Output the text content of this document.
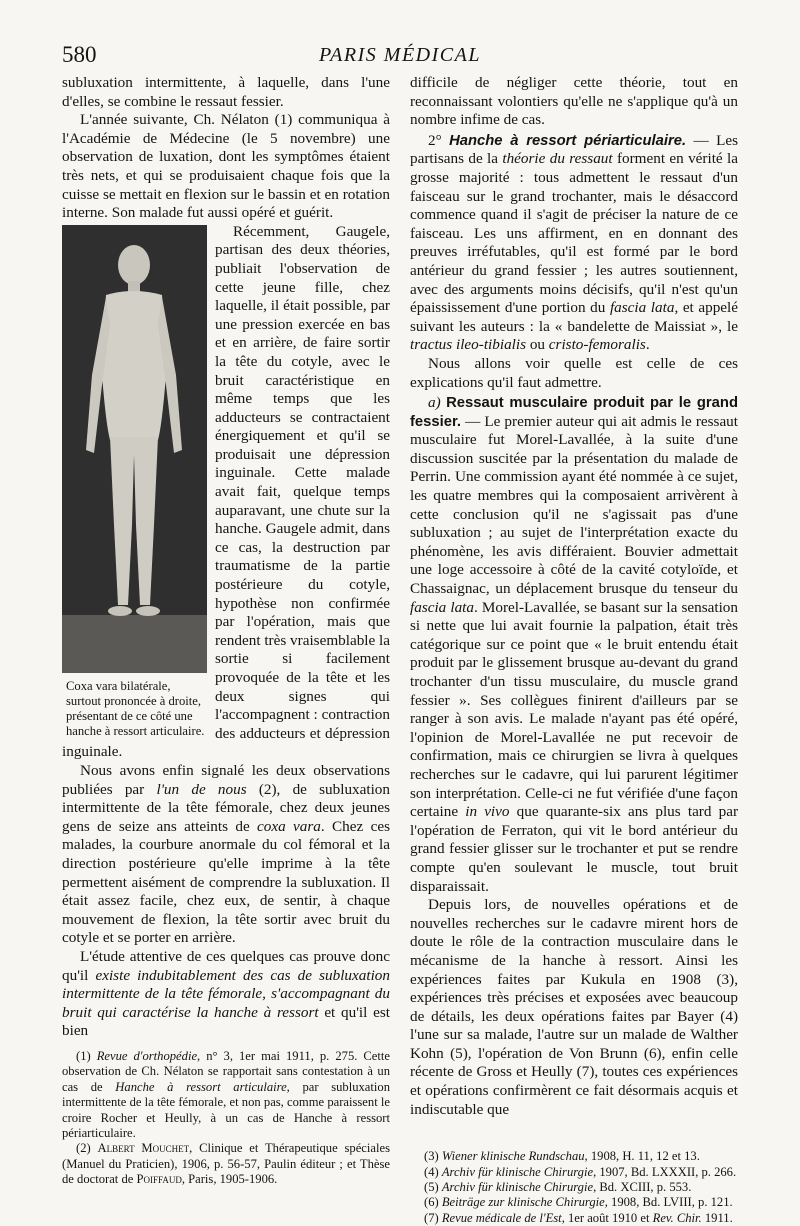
580	PARIS MÉDICAL

subluxation intermittente, à laquelle, dans l'une d'elles, se combine le ressaut fessier.

L'année suivante, Ch. Nélaton (1) communiqua à l'Académie de Médecine (le 5 novembre) une observation de luxation, dont les symptômes étaient très nets, et qui se produisaient chaque fois que la cuisse se mettait en flexion sur le bassin et en rotation interne. Son malade fut aussi opéré et guérit.

Coxa vara bilatérale, surtout prononcée à droite, présentant de ce côté une hanche à ressort articulaire.

Récemment, Gaugele, partisan des deux théories, publiait l'observation de cette jeune fille, chez laquelle, il était possible, par une pression exercée en bas et en arrière, de faire sortir la tête du cotyle, avec le bruit caractéristique en même temps que les adducteurs se contractaient énergiquement et qu'il se produisait une dépression inguinale. Cette malade avait fait, quelque temps auparavant, une chute sur la hanche. Gaugele admit, dans ce cas, la destruction par traumatisme de la partie postérieure du cotyle, hypothèse non confirmée par l'opération, mais que rendent très vraisemblable la sortie si facilement provoquée de la tête et les deux signes qui l'accompagnent : contraction des adducteurs et dépression inguinale.

Nous avons enfin signalé les deux observations publiées par l'un de nous (2), de subluxation intermittente de la tête fémorale, chez deux jeunes gens de seize ans atteints de coxa vara. Chez ces malades, la courbure anormale du col fémoral et la direction postérieure qu'elle imprime à la tête permettent aisément de comprendre la subluxation. Il était assez facile, chez eux, de sentir, à chaque mouvement de flexion, la tête sortir avec bruit du cotyle et se porter en arrière.

L'étude attentive de ces quelques cas prouve donc qu'il existe indubitablement des cas de subluxation intermittente de la tête fémorale, s'accompagnant du bruit qui caractérise la hanche à ressort et qu'il est bien

(1) Revue d'orthopédie, n° 3, 1er mai 1911, p. 275. Cette observation de Ch. Nélaton se rapportait sans contestation à un cas de Hanche à ressort articulaire, par subluxation intermittente de la tête fémorale, et non pas, comme paraissent le croire Rocher et Heully, à un cas de Hanche à ressort périarticulaire.

(2) Albert Mouchet, Clinique et Thérapeutique spéciales (Manuel du Praticien), 1906, p. 56-57, Paulin éditeur ; et Thèse de doctorat de Poiffaud, Paris, 1905-1906.

difficile de négliger cette théorie, tout en reconnaissant volontiers qu'elle ne s'applique qu'à un nombre infime de cas.

2° Hanche à ressort périarticulaire. — Les partisans de la théorie du ressaut forment en vérité la grosse majorité : tous admettent le ressaut d'un faisceau sur le grand trochanter, mais le désaccord commence quand il s'agit de préciser la nature de ce faisceau. Les uns affirment, en en donnant des preuves irréfutables, qu'il est formé par le bord antérieur du grand fessier ; les autres soutiennent, avec des arguments moins décisifs, qu'il n'est qu'un épaississement d'une portion du fascia lata, et appelé suivant les auteurs : la « bandelette de Maissiat », le tractus ileo-tibialis ou cristo-femoralis.

Nous allons voir quelle est celle de ces explications qu'il faut admettre.

a) Ressaut musculaire produit par le grand fessier. — Le premier auteur qui ait admis le ressaut musculaire fut Morel-Lavallée, à la suite d'une discussion suscitée par la présentation du malade de Perrin. Une commission ayant été nommée à ce sujet, les quatre membres qui la composaient arrivèrent à cette conclusion qu'il ne s'agissait pas d'une subluxation ; au sujet de l'interprétation exacte du phénomène, les avis différaient. Bouvier admettait une loge accessoire à côté de la cavité cotyloïde, et Chassaignac, un déplacement brusque du tenseur du fascia lata. Morel-Lavallée, se basant sur la sensation si nette que lui avait fournie la palpation, était très catégorique sur ce point que « le bruit entendu était produit par le glissement brusque au-devant du grand trochanter d'un tissu musculaire, du muscle grand fessier ». Ses collègues finirent d'ailleurs par se ranger à son avis. Le malade n'ayant pas été opéré, l'opinion de Morel-Lavallée ne put recevoir de confirmation, mais ce chirurgien se livra à quelques recherches sur le cadavre, qui lui parurent légitimer son interprétation. Celle-ci ne fut vérifiée d'une façon certaine in vivo que quarante-six ans plus tard par l'opération de Ferraton, qui vit le bord antérieur du grand fessier glisser sur le trochanter et put se rendre compte qu'en soulevant le muscle, tout bruit disparaissait.

Depuis lors, de nouvelles opérations et de nouvelles recherches sur le cadavre mirent hors de doute le rôle de la contraction musculaire dans le mécanisme de la hanche à ressort. Ainsi les expériences faites par Kukula en 1908 (3), expériences très précises et exposées avec beaucoup de détails, les deux opérations faites par Bayer (4) l'une sur sa malade, l'autre sur un malade de Walther Kohn (5), l'opération de Von Brunn (6), enfin celle récente de Gross et Heully (7), toutes ces expériences et opérations confirmèrent ce fait désormais acquis et indiscutable que

(3) Wiener klinische Rundschau, 1908, H. 11, 12 et 13.

(4) Archiv für klinische Chirurgie, 1907, Bd. LXXXII, p. 266.

(5) Archiv für klinische Chirurgie, Bd. XCIII, p. 553.

(6) Beiträge zur klinische Chirurgie, 1908, Bd. LVIII, p. 121.

(7) Revue médicale de l'Est, 1er août 1910 et Rev. Chir. 1911.
